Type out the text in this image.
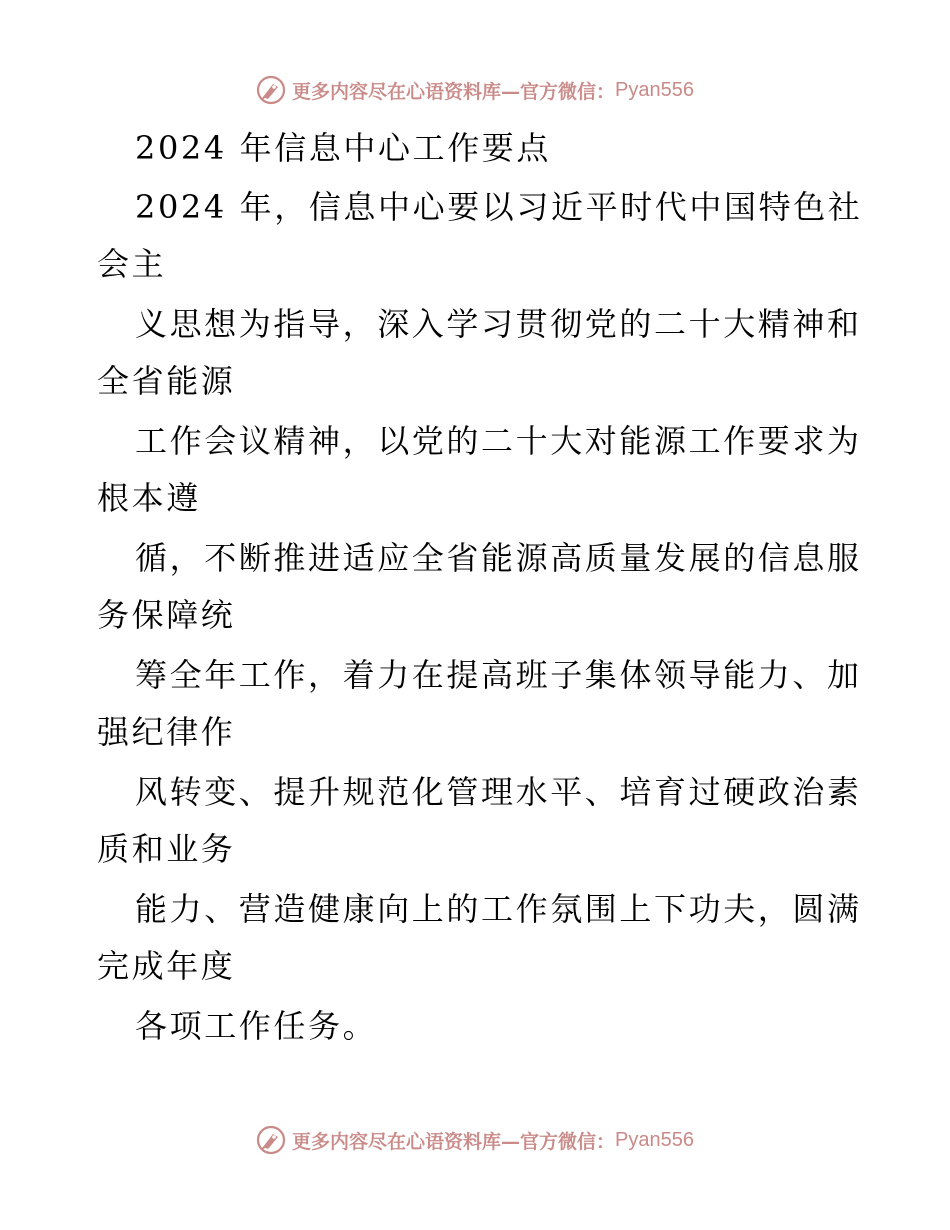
更多内容尽在心语资料库—官方微信： Pyan556
2024 年信息中心工作要点
2024 年，信息中心要以习近平时代中国特色社
会主
义思想为指导，深入学习贯彻党的二十大精神和
全省能源
工作会议精神，以党的二十大对能源工作要求为
根本遵
循，不断推进适应全省能源高质量发展的信息服
务保障统
筹全年工作，着力在提高班子集体领导能力、加
强纪律作
风转变、提升规范化管理水平、培育过硬政治素
质和业务
能力、营造健康向上的工作氛围上下功夫，圆满
完成年度
各项工作任务。
更多内容尽在心语资料库—官方微信： Pyan556
